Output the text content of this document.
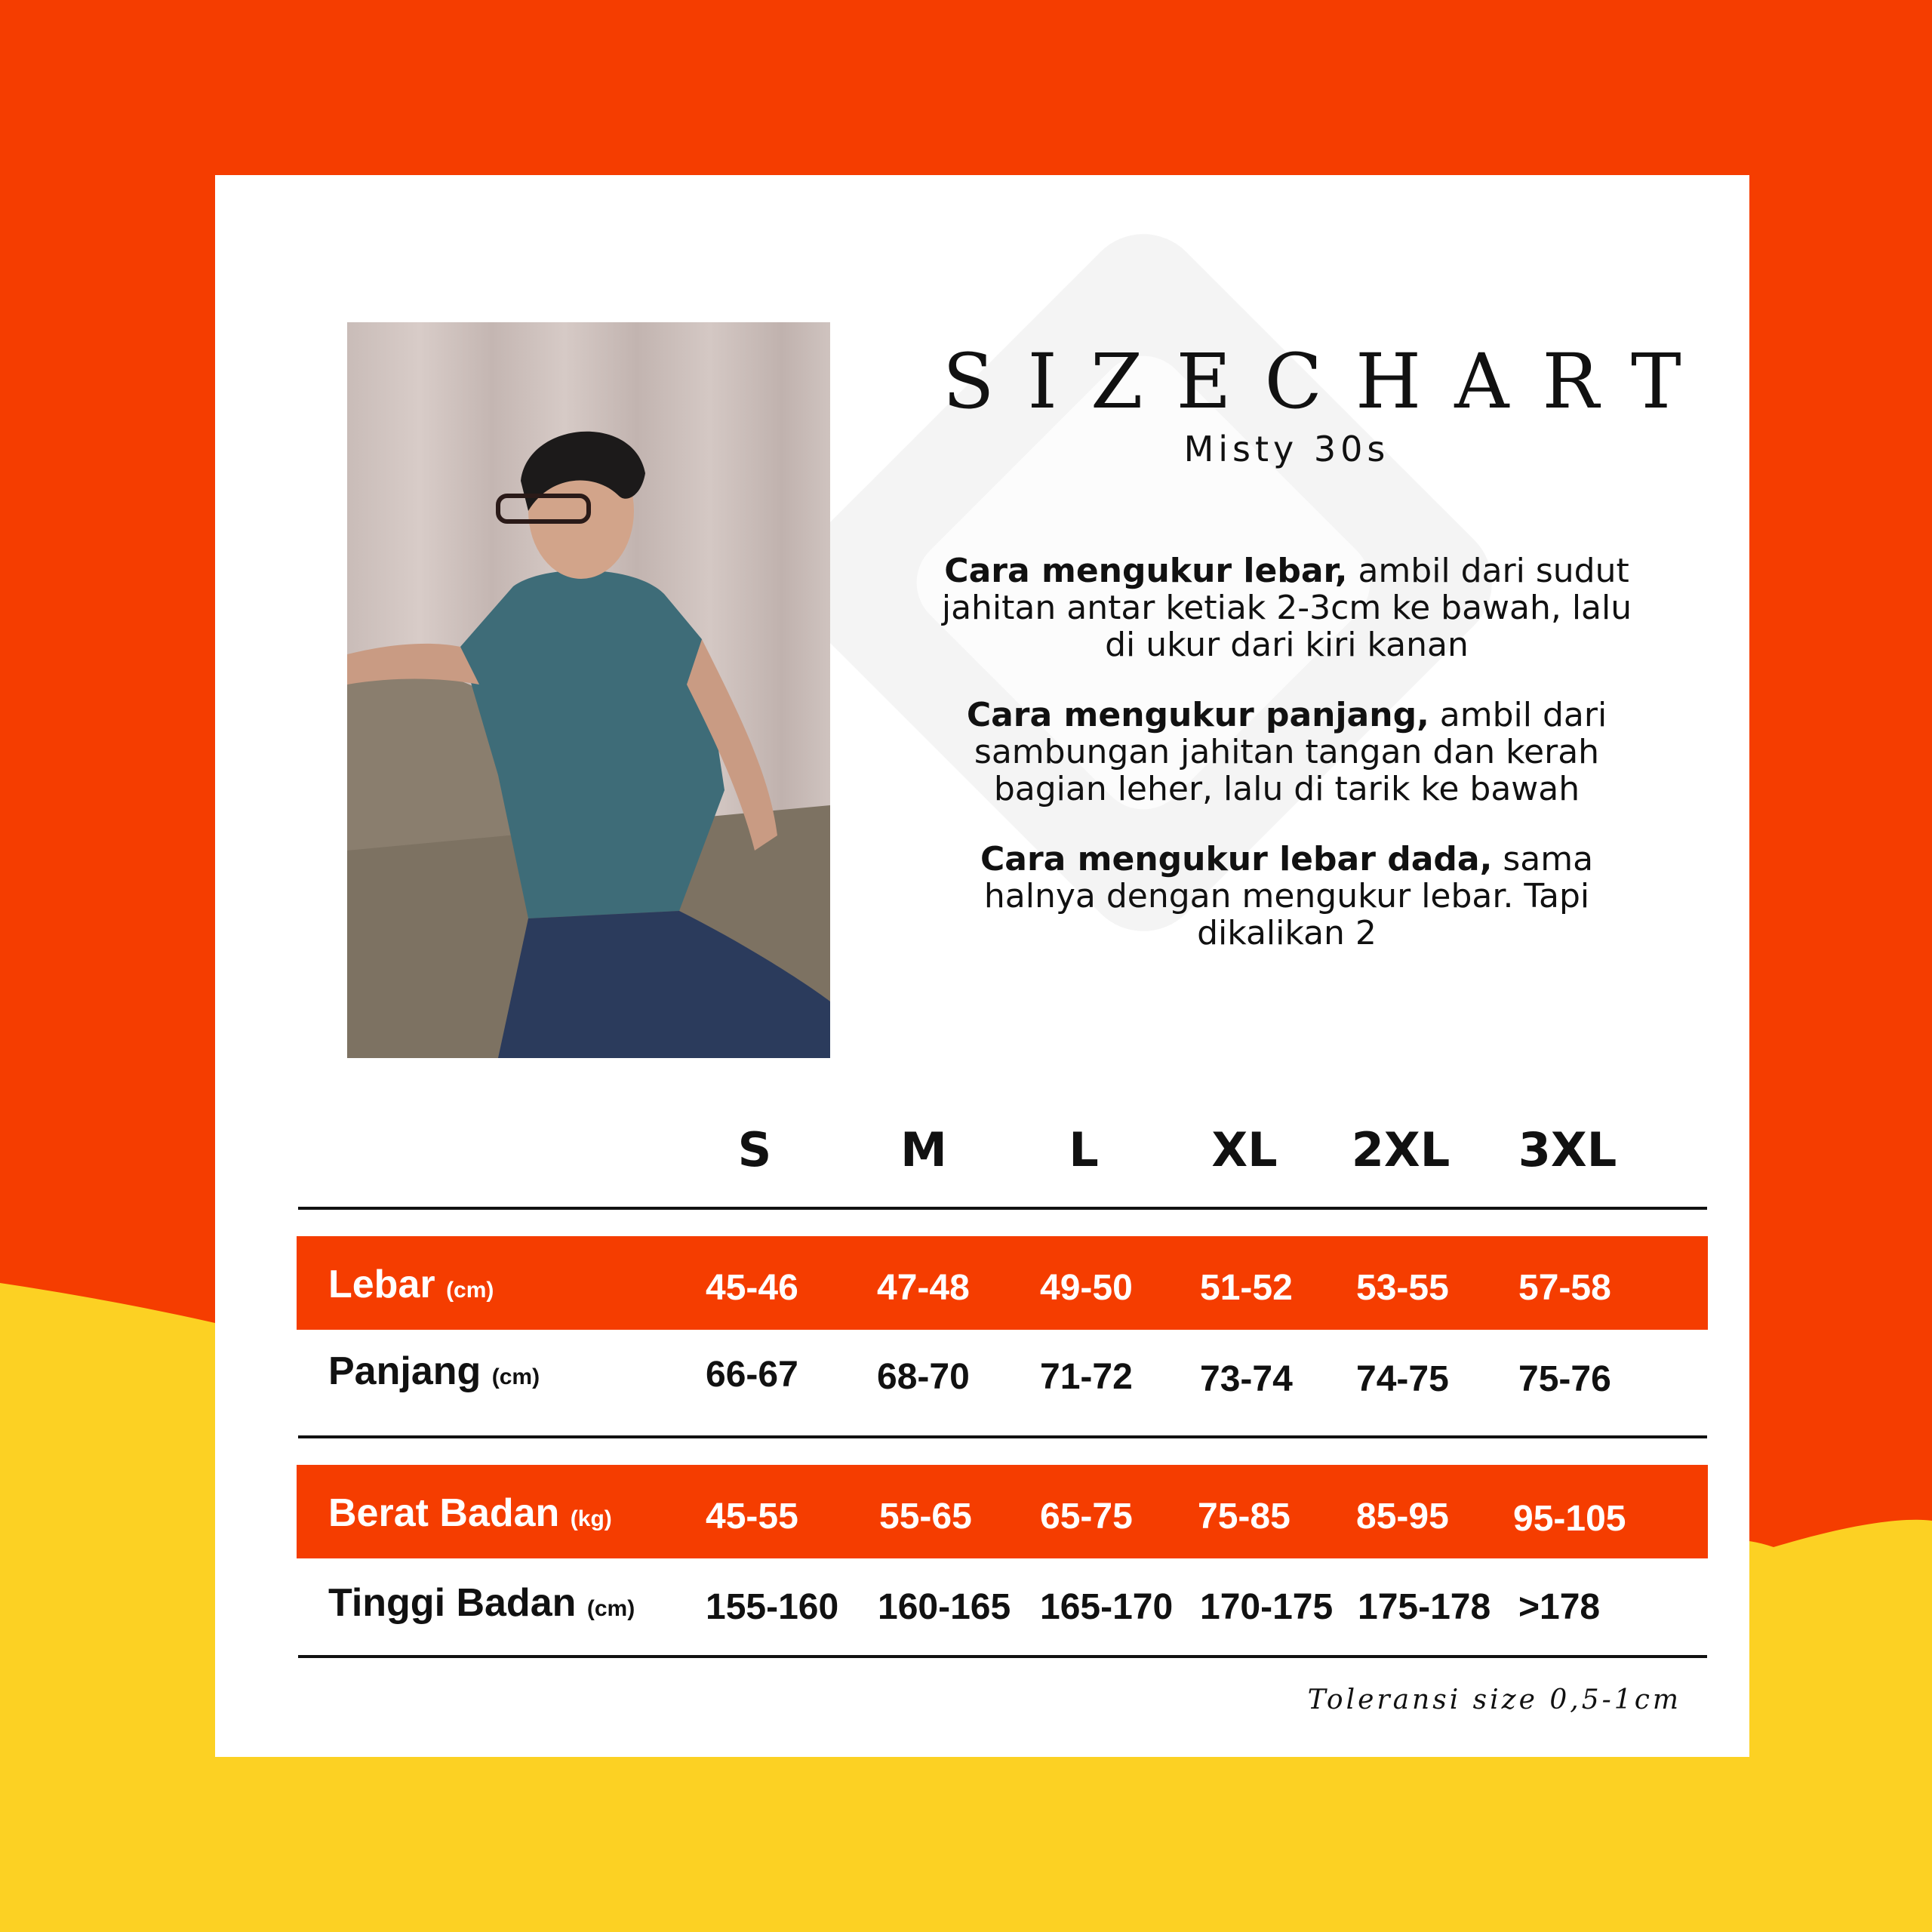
SIZECHART
Misty 30s

Cara mengukur lebar, ambil dari sudut jahitan antar ketiak 2-3cm ke bawah, lalu di ukur dari kiri kanan

Cara mengukur panjang, ambil dari sambungan jahitan tangan dan kerah bagian leher, lalu di tarik ke bawah

Cara mengukur lebar dada, sama halnya dengan mengukur lebar. Tapi dikalikan 2

S	M	L	XL	2XL	3XL
Lebar (cm)	45-46 47-48 49-50 51-52 53-55 57-58
Panjang (cm)	66-67 68-70 71-72 73-74 74-75 75-76
Berat Badan (kg)	45-55 55-65 65-75 75-85 85-95 95-105
Tinggi Badan (cm) 155-160 160-165 165-170 170-175 175-178 >178
Toleransi size 0,5-1cm
